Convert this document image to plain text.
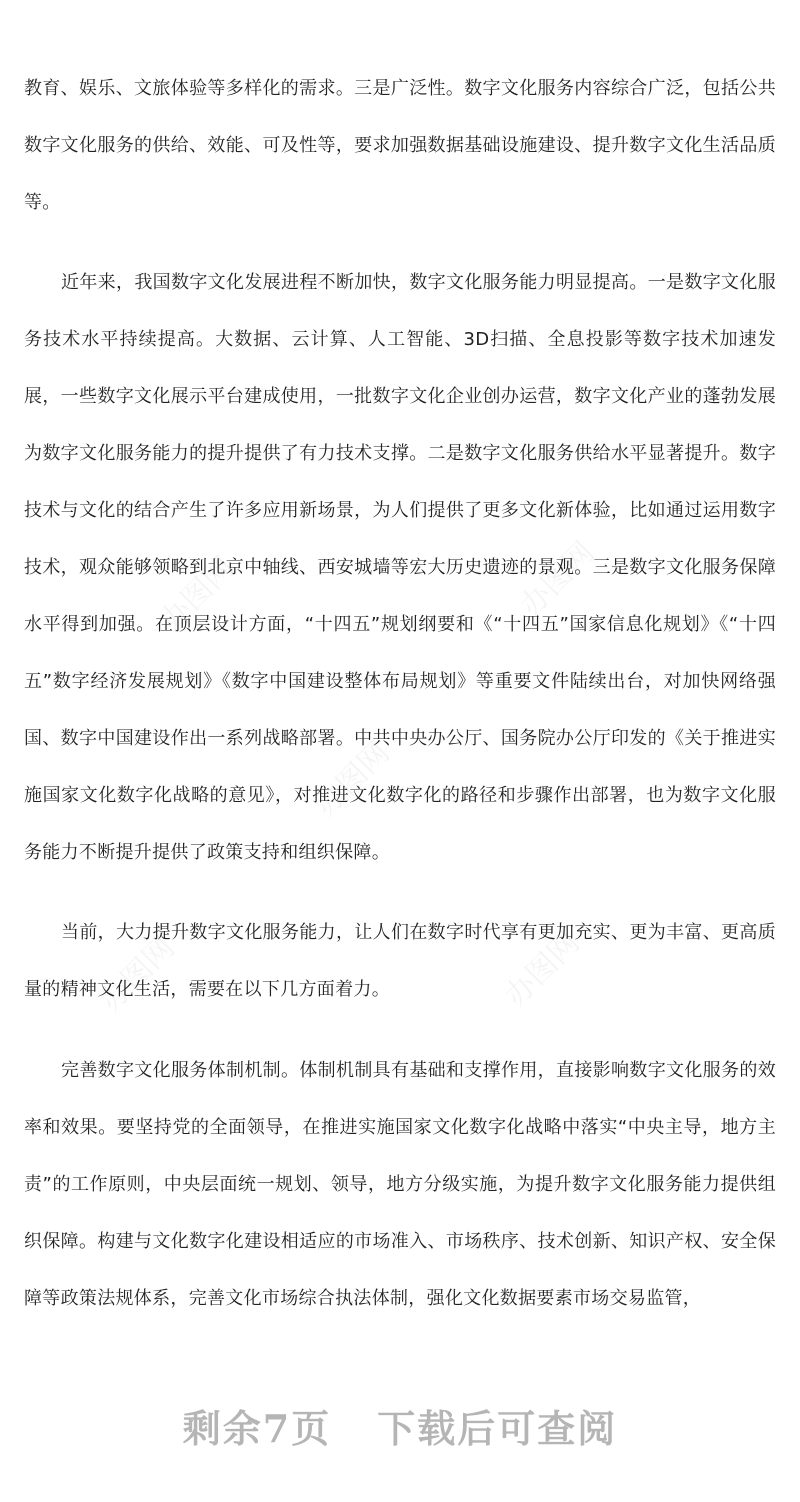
教育、娱乐、文旅体验等多样化的需求。三是广泛性。数字文化服务内容综合广泛，包括公共数字文化服务的供给、效能、可及性等，要求加强数据基础设施建设、提升数字文化生活品质等。

近年来，我国数字文化发展进程不断加快，数字文化服务能力明显提高。一是数字文化服务技术水平持续提高。大数据、云计算、人工智能、3D扫描、全息投影等数字技术加速发展，一些数字文化展示平台建成使用，一批数字文化企业创办运营，数字文化产业的蓬勃发展为数字文化服务能力的提升提供了有力技术支撑。二是数字文化服务供给水平显著提升。数字技术与文化的结合产生了许多应用新场景，为人们提供了更多文化新体验，比如通过运用数字技术，观众能够领略到北京中轴线、西安城墙等宏大历史遗迹的景观。三是数字文化服务保障水平得到加强。在顶层设计方面，“十四五”规划纲要和《“十四五”国家信息化规划》《“十四五”数字经济发展规划》《数字中国建设整体布局规划》等重要文件陆续出台，对加快网络强国、数字中国建设作出一系列战略部署。中共中央办公厅、国务院办公厅印发的《关于推进实施国家文化数字化战略的意见》，对推进文化数字化的路径和步骤作出部署，也为数字文化服务能力不断提升提供了政策支持和组织保障。

当前，大力提升数字文化服务能力，让人们在数字时代享有更加充实、更为丰富、更高质量的精神文化生活，需要在以下几方面着力。

完善数字文化服务体制机制。体制机制具有基础和支撑作用，直接影响数字文化服务的效率和效果。要坚持党的全面领导，在推进实施国家文化数字化战略中落实“中央主导，地方主责”的工作原则，中央层面统一规划、领导，地方分级实施，为提升数字文化服务能力提供组织保障。构建与文化数字化建设相适应的市场准入、市场秩序、技术创新、知识产权、安全保障等政策法规体系，完善文化市场综合执法体制，强化文化数据要素市场交易监管，

剩余7页 下载后可查阅
